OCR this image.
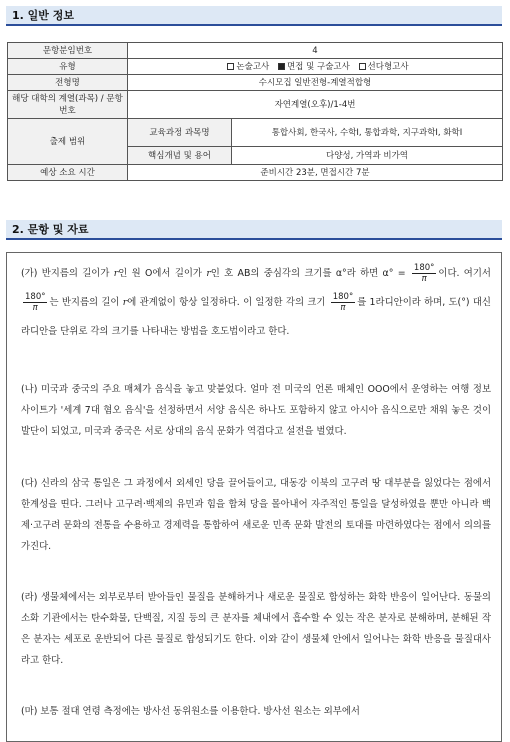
1. 일반 정보
문항분임번호	4	
유형	논술고사 면접 및 구술고사 선다형고사	
전형명	수시모집 일반전형-계열적합형	
해당 대학의 계열(과목) / 문항번호	자연계열(오후)/1-4번	
출제 범위	교육과정 과목명	통합사회, 한국사, 수학Ⅰ, 통합과학, 지구과학Ⅰ, 화학Ⅰ
	핵심개념 및 용어	다양성, 가역과 비가역
예상 소요 시간	준비시간 23분, 면접시간 7분	
2. 문항 및 자료
(가) 반지름의 길이가 r인 원 O에서 길이가 r인 호 AB의 중심각의 크기를 α°라 하면 $\alpha^\circ = \frac{180^\circ}{\pi}$ 이다. 여기서
$\frac{180^\circ}{\pi}$ 는 반지름의 길이 r에 관계없이 항상 일정하다. 이 일정한 각의 크기 $\frac{180^\circ}{\pi}$ 를 1라디안이라 하며, 도(°) 대신 라디안을 단위로 각의 크기를 나타내는 방법을 호도법이라고 한다.
(나) 미국과 중국의 주요 매체가 음식을 놓고 맞붙었다. 얼마 전 미국의 언론 매체인 OOO에서 운영하는 여행 정보 사이트가 '세계 7대 혐오 음식'을 선정하면서 서양 음식은 하나도 포함하지 않고 아시아 음식으로만 채워 놓은 것이 발단이 되었고, 미국과 중국은 서로 상대의 음식 문화가 역겹다고 설전을 벌였다.
(다) 신라의 삼국 통일은 그 과정에서 외세인 당을 끌어들이고, 대동강 이북의 고구려 땅 대부분을 잃었다는 점에서 한계성을 띤다. 그러나 고구려·백제의 유민과 힘을 합쳐 당을 몰아내어 자주적인 통일을 달성하였을 뿐만 아니라 백제·고구려 문화의 전통을 수용하고 경제력을 통합하여 새로운 민족 문화 발전의 토대를 마련하였다는 점에서 의의를 가진다.
(라) 생물체에서는 외부로부터 받아들인 물질을 분해하거나 새로운 물질로 합성하는 화학 반응이 일어난다. 동물의 소화 기관에서는 탄수화물, 단백질, 지질 등의 큰 분자를 체내에서 흡수할 수 있는 작은 분자로 분해하며, 분해된 작은 분자는 세포로 운반되어 다른 물질로 합성되기도 한다. 이와 같이 생물체 안에서 일어나는 화학 반응을 물질대사라고 한다.
(마) 보통 절대 연령 측정에는 방사선 동위원소를 이용한다. 방사선 원소는 외부에서
